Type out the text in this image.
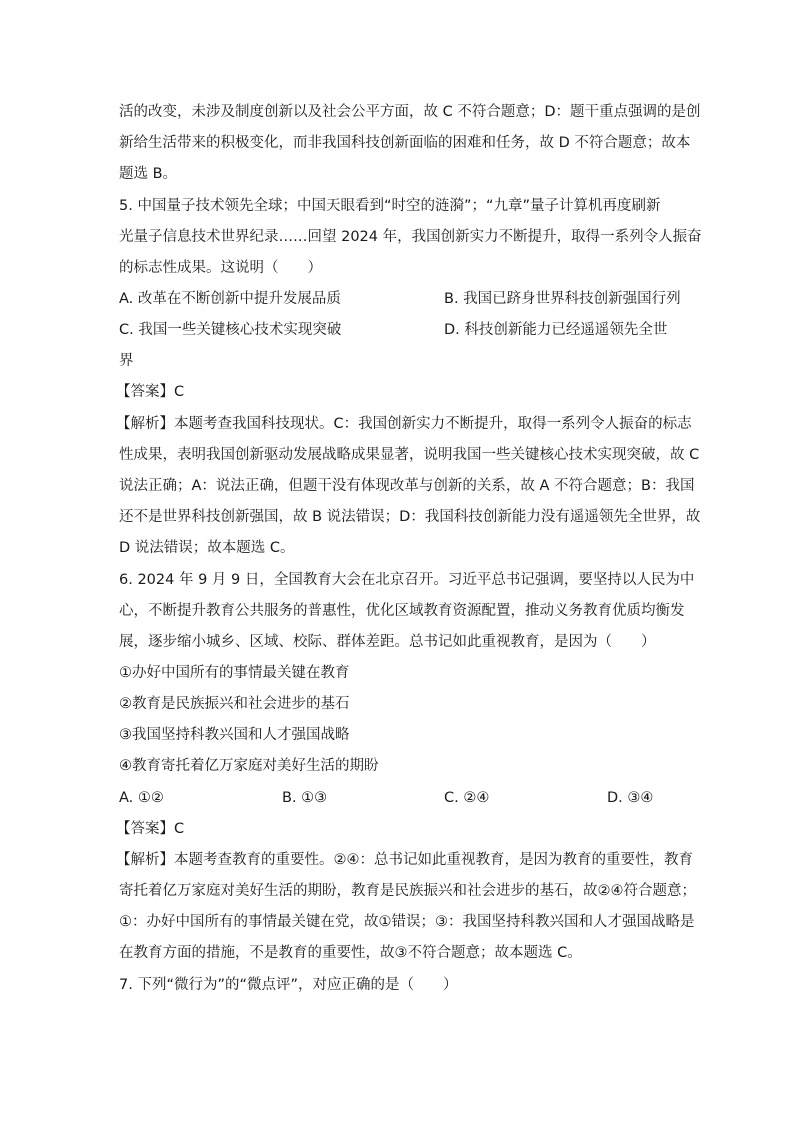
活的改变，未涉及制度创新以及社会公平方面，故 C 不符合题意；D：题干重点强调的是创
新给生活带来的积极变化，而非我国科技创新面临的困难和任务，故 D 不符合题意；故本
题选 B。
5. 中国量子技术领先全球；中国天眼看到“时空的涟漪”；“九章”量子计算机再度刷新
光量子信息技术世界纪录……回望 2024 年，我国创新实力不断提升，取得一系列令人振奋
的标志性成果。这说明（　　）
A. 改革在不断创新中提升发展品质	B. 我国已跻身世界科技创新强国行列
C. 我国一些关键核心技术实现突破	D. 科技创新能力已经遥遥领先全世
界
【答案】C
【解析】本题考查我国科技现状。C：我国创新实力不断提升，取得一系列令人振奋的标志
性成果，表明我国创新驱动发展战略成果显著，说明我国一些关键核心技术实现突破，故 C
说法正确；A：说法正确，但题干没有体现改革与创新的关系，故 A 不符合题意；B：我国
还不是世界科技创新强国，故 B 说法错误；D：我国科技创新能力没有遥遥领先全世界，故
D 说法错误；故本题选 C。
6. 2024 年 9 月 9 日，全国教育大会在北京召开。习近平总书记强调，要坚持以人民为中
心，不断提升教育公共服务的普惠性，优化区域教育资源配置，推动义务教育优质均衡发
展，逐步缩小城乡、区域、校际、群体差距。总书记如此重视教育，是因为（　　）
①办好中国所有的事情最关键在教育
②教育是民族振兴和社会进步的基石
③我国坚持科教兴国和人才强国战略
④教育寄托着亿万家庭对美好生活的期盼
A. ①②	B. ①③	C. ②④	D. ③④
【答案】C
【解析】本题考查教育的重要性。②④：总书记如此重视教育，是因为教育的重要性，教育
寄托着亿万家庭对美好生活的期盼，教育是民族振兴和社会进步的基石，故②④符合题意；
①：办好中国所有的事情最关键在党，故①错误；③：我国坚持科教兴国和人才强国战略是
在教育方面的措施，不是教育的重要性，故③不符合题意；故本题选 C。
7. 下列“微行为”的“微点评”，对应正确的是（　　）
